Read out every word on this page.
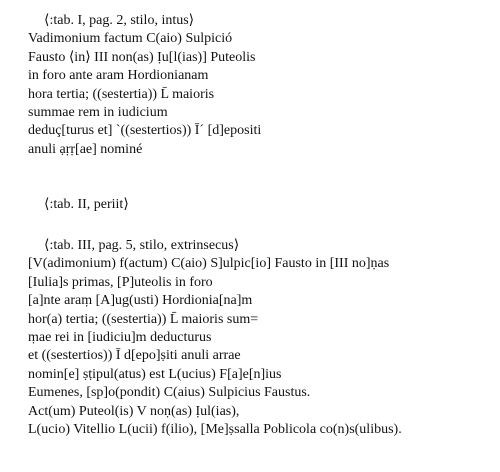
⟨:tab. I, pag. 2, stilo, intus⟩
Vadimonium factum C(aio) Sulpició
Fausto ⟨in⟩ III non(as) Ịu[l(ias)] Puteolis
in foro ante aram Hordionianam
hora tertia; ((sestertia)) L̄ maioris
summae rem in iudicium
deduç[turus et] `((sestertios)) Ī´ [d]epositi
anuli ạṛṛ[ae] nominé
⟨:tab. II, periit⟩
⟨:tab. III, pag. 5, stilo, extrinsecus⟩
[V(adimonium) f(actum) C(aio) S]ulpic[io] Fausto in [III no]ṇas
[Iulia]s primas, [P]uteolis in foro
[a]nte araṃ [A]ug(usti) Hordionia[na]m
hor(a) tertia; ((sestertia)) L̄ maioris sum=
ṃae rei in [iudiciu]m deducturus
et ((sestertios)) Ī d[epo]ṣiti anuli arrae
nomin[e] ṣṭipul(atus) est L(ucius) F[a]e[n]ius
Eumenes, [sp]o(pondit) C(aius) Sulpicius Faustus.
Act(um) Puteol(is) V noṇ(as) Ịul(ias),
L(ucio) Vitellio L(ucii) f(ilio), [Me]ṣsalla Poblicola co(n)s(ulibus).
